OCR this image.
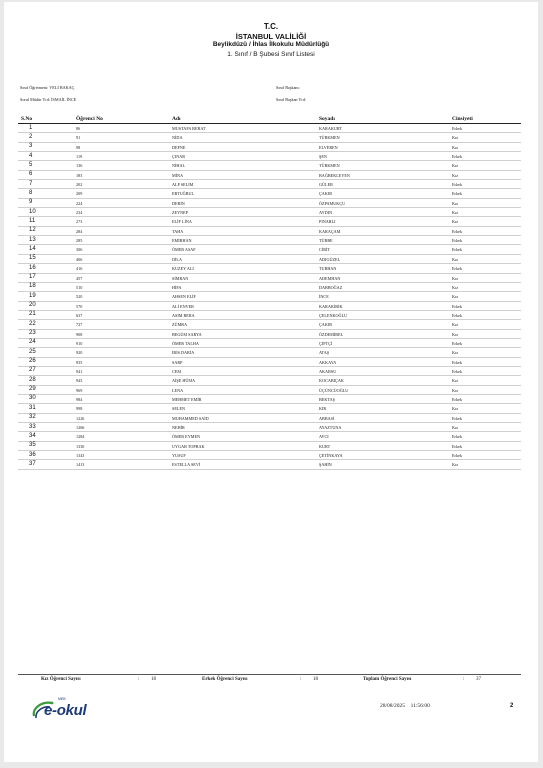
T.C.
İSTANBUL VALİLİĞİ
Beylikdüzü / İhlas İlkokulu Müdürlüğü
1. Sınıf / B Şubesi Sınıf Listesi
Sınıf Öğretmeni: VELİ BAKAÇ
Sorul Müdür Yrd: İSMAİL İNCE
Sınıf Başkanı:
Sınıf Başkan Yrd:
S.No	Öğrenci No	Adı	Soyadı	Cinsiyeti
1	86	MUSTAFA BERAT	KARAKURT	Erkek
2	91	NİDA	TÜRKMEN	Kız
3	98	DEFNE	ELVEREN	Kız
4	119	ÇINAR	ŞEN	Erkek
5	136	NİHAL	TÜRKMEN	Kız
6	183	MİNA	BAĞBEKLEYEN	Kız
7	202	ALP SELİM	GÜLER	Erkek
8	209	ERTUĞRUL	ÇAKIR	Erkek
9	224	DERİN	ÖZPAMUKÇU	Kız
10	234	ZEYNEP	AYDIN	Kız
11	273	ELİF LİNA	PINARLI	Kız
12	284	TAHA	KARAÇAM	Erkek
13	285	EMİRHAN	TÜRBE	Erkek
14	306	ÖMER ASAF	CİRİT	Erkek
15	406	DİLA	ADIGÜZEL	Kız
16	416	KUZEY ALİ	TURHAN	Erkek
17	457	SİMRAN	ADEMHAN	Kız
18	510	HİFA	DABBOĞAZ	Kız
19	520	AHSEN ELİF	İNCE	Kız
20	570	ALİ ENVER	KARAKİBİK	Erkek
21	637	ASIM BERA	ÇELENKOĞLU	Erkek
22	727	ZÜMRA	ÇAKIR	Kız
23	908	BEGÜM SARYA	ÖZDEMİREL	Kız
24	910	ÖMER TALHA	ÇİFTÇİ	Erkek
25	920	İRİS DARİA	ATAŞ	Kız
26	935	SARP	AKKAYA	Erkek
27	941	CEM	AKARSU	Erkek
28	943	AİŞE HÜMA	KOCABIÇAK	Kız
29	969	LENA	ÜÇÜNCÜOĞLU	Kız
30	984	MEHMET EMİR	BEKTAŞ	Erkek
31	998	SELEN	KIR	Kız
32	1226	MUHAMMED SAİD	ABBASİ	Erkek
33	1266	NEHİR	AYAZTUNA	Kız
34	1284	ÖMER EYMEN	AVCI	Erkek
35	1330	UYGAR TOPRAK	KURT	Erkek
36	1343	YUSUF	ÇETİNKAYA	Erkek
37	1413	ESTELLA SEVİ	ŞAHİN	Kız
Kız Öğrenci Sayısı	: 18	Erkek Öğrenci Sayısı	: 18	Toplam Öğrenci Sayısı	: 37
MEB
e-okul	28/08/2025 11:56:00	2
